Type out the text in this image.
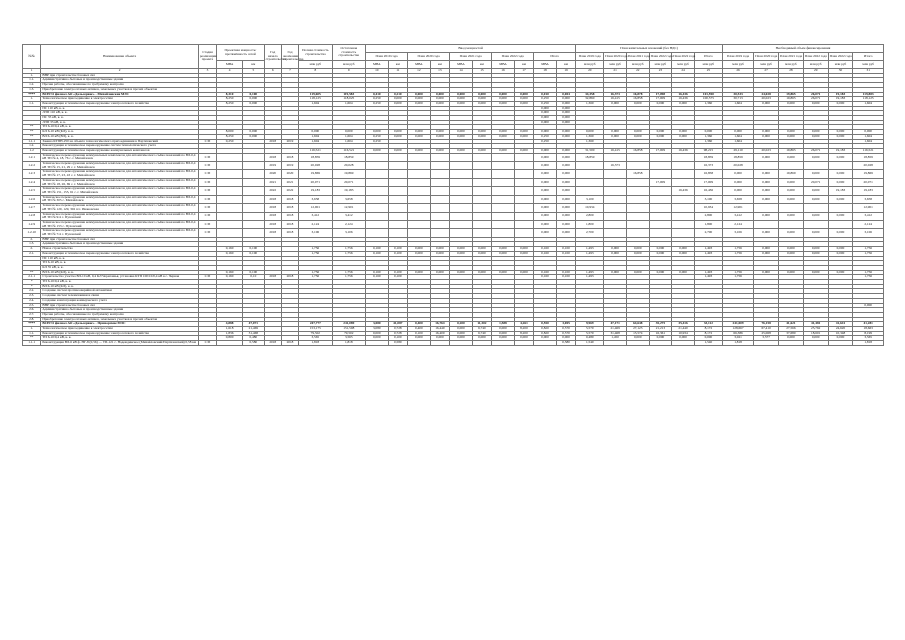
№№	Наименование объекта	Стадия реализации проекта	Проектная мощность/ протяжённость сетей		Год начала строительства	Год окончания строительства	Полная стоимость строительства	Остаточная стоимость строительства	Ввод мощностей										План капитальных вложений (без НДС)						Необходимый объем финансирования					
									План 2019 года		План 2020 года		План 2021 года		План 2022 года		Итого		План 2019 года	План 2020 года	План 2021 года	План 2022 года	План 2022 года	Итого	План 2019 года	План 2020 года	План 2021 года	План 2022 года	План 2022 года	Итого
			МВА	км			млн руб	млн руб	МВА	км	МВА	км	МВА	км	МВА	км	МВА	км	млн руб	млн руб	млн руб	млн руб	млн руб	млн руб	млн руб	млн руб	млн руб	млн руб	млн руб	млн руб
1	2	3	4	5	6	7	8	9	10	11	12	13	14	15	16	17	18	19	20	21	22	23	24	25	26	27	28	29	30	31
1.	ВНР при строительстве базовых сил																													
1.1.	Административно-бытовые и производственные здания																													
1.2.	Прочие работы, обоснованные по требуемому контролю																													
1.3.	Приобретение электросетевых активов, земельных участков и прочих объектов																													
****	ВСЕГО филиал АО «Дальсервис» - Михайловские МЭС		8,310	0,100			119,605	119,583	0,410	0,210	0,000	0,000	0,000	0,000	0,000	0,000	0,010	0,004	34,358	16,373	16,878	17,098	16,436	101,590	30,533	24,028	19,865	26,071	19,183	119,883
1.	Технологическое присоединение к электросетям		8,250	0,000			118,125	118,025	0,250	0,000	0,000	0,000	0,000	0,000	0,000	0,000	0,250	0,000	32,860	16,415	16,858	17,009	16,436	100,575	30,713	20,023	19,865	26,071	19,183	118,125
1.1.	Реконструкция и техническое перевооружение электросетевого хозяйства		8,250	0,000			1,604	1,604	0,250	0,000	0,000	0,000	0,000	0,000	0,000	0,000	0,250	0,000	1,360	0,000	0,000	0,000	0,000	1,360	1,604	0,000	0,000	0,000	0,000	1,604
	ПС 110 кВ, к. к.																0,000	0,000												
	ЛЭП 110 кВ, к. к.																0,000	0,000												
	ПС 35 кВ, к. к.																0,000	0,000												
	ЛЭП 35 кВ, к. к.																0,000	0,000												
**	ТП 6-10/0,4 кВ, к. к.																													
**	КЛ 6-10 кВ (КЛ), к. к.		8,000	0,000			0,000	0,000	0,000	0,000	0,000	0,000	0,000	0,000	0,000	0,000	0,000	0,000	0,000	0,000	0,000	0,000	0,000	0,000	0,000	0,000	0,000	0,000	0,000	0,000
**	ВЛ 6-10 кВ (ВЛ), к. к.		8,250	0,000			1,604	1,604	0,250	0,000	0,000	0,000	0,000	0,000	0,000	0,000	0,250	0,000	1,360	0,000	0,000	0,000	0,000	1,360	1,604	0,000	0,000	0,000	0,000	1,604
1.1.1	Замена КТПН-250 на объекте технологического присоединения в Партизанский	С/П	0,250		2018	2019	1,604	1,604	0,250								0,250		1,360					1,360	1,604					1,604
1.2.	Реконструкция и техническое перевооружение систем технологического учета																													
1.2	Реконструкция и техническое перевооружение коммунальных комплексов						116,521	116,521	0,000	0,000	0,000	0,000	0,000	0,000	0,000	0,000	0,000	0,000	31,500	16,415	16,858	17,009	16,436	98,215	29,110	20,023	19,865	26,071	19,183	116,521
1.2.1	Техническое перевооружение коммунальных комплексов для автоматического съёма показаний по ВЛ-0,4 кВ ТП № 4, 18, 76 с. г. Михайловск	С/П			2018	2018	18,859	18,859									0,000	0,000	18,859					18,859	18,859	0,000	0,000	0,000	0,000	18,859
1.2.2	Техническое перевооружение коммунальных комплексов для автоматического съёма показаний по ВЛ-0,4 кВ ТП № 15, 21, 29 с. г. Михайловск	С/П			2019	2019	20,028	20,028									0,000	0,000		16,373				16,373	20,028					20,028
1.2.3	Техническое перевооружение коммунальных комплексов для автоматического съёма показаний по ВЛ-0,4 кВ ТП № 17, 23, 43 с. г. Михайловск	С/П			2020	2020	19,869	19,869									0,000	0,000			16,858			16,858	0,000	0,000	19,869	0,000	0,000	19,869
1.2.4	Техническое перевооружение коммунальных комплексов для автоматического съёма показаний по ВЛ-0,4 кВ ТП № 18, 26, 69 с. г. Михайловск	С/П			2021	2021	20,071	20,071									0,000	0,000				17,009		17,009	0,000	0,000	0,000	20,071	0,000	20,071
1.2.5	Техническое перевооружение коммунальных комплексов для автоматического съёма показаний по ВЛ-0,4 кВ ТП № 151, 155, 61 с. г. Михайловск	С/П			2022	2022	19,183	19,183									0,000	0,000					16,436	16,436	0,000	0,000	0,000	0,000	19,183	19,183
1.2.6	Техническое перевооружение коммунальных комплексов для автоматического съёма показаний по ВЛ-0,4 кВ ТП № 305 с. Михайловск	С/П			2018	2018	3,658	3,658									0,000	0,000	3,100					3,100	3,658	0,000	0,000	0,000	0,000	3,658
1.2.7	Техническое перевооружение коммунальных комплексов для автоматического съёма показаний по ВЛ-0,4 кВ ТП № 120, 129, 302 п/с. Ивановская	С/П			2018	2018	12,901	12,901									0,000	0,000	10,934					10,934	12,901					12,901
1.2.8	Техническое перевооружение коммунальных комплексов для автоматического съёма показаний по ВЛ-0,4 кВ ТП № 9/4 с. Пуховский	С/П			2018	2018	3,412	3,412									0,000	0,000	2,800					2,800	3,412	0,000	0,000	0,000	0,000	3,412
1.2.9	Техническое перевооружение коммунальных комплексов для автоматического съёма показаний по ВЛ-0,4 кВ ТП № 153 с. Пуховский	С/П			2018	2018	2,124	2,124									0,000	0,000	1,800					1,800	2,124					2,124
1.2.10	Техническое перевооружение коммунальных комплексов для автоматического съёма показаний по ВЛ-0,4 кВ ТП № 7/4 с. Пуховский	С/П			2018	2018	3,106	3,106									0,000	0,000	2,700					2,700	3,106	0,000	0,000	0,000	0,000	3,106
2.	ВНР при строительстве базовых сил																													
1.3.	Административно-бытовые и производственные здания																													
2.	Новое строительство		0,160	0,100			1,756	1,756	0,160	0,100	0,000	0,000	0,000	0,000	0,000	0,000	0,160	0,100	1,493	0,000	0,000	0,000	0,000	1,493	1,756	0,000	0,000	0,000	0,000	1,756
2.1.	Реконструкция и техническое перевооружение электросетевого хозяйства		0,160	0,100			1,756	1,756	0,160	0,100	0,000	0,000	0,000	0,000	0,000	0,000	0,160	0,100	1,493	0,000	0,000	0,000	0,000	1,493	1,756	0,000	0,000	0,000	0,000	1,756
	ПС 110 кВ, к. к.																													
	ТП 6-10 кВ, к. к.																													
	КЛ 35 кВ, к. к.																													
**	ВЛ 6-10 кВ (КЛ), к. к.		0,160	0,100			1,756	1,756	0,160	0,100	0,000	0,000	0,000	0,000	0,000	0,000	0,160	0,100	1,493	0,000	0,000	0,000	0,000	1,493	1,756	0,000	0,000	0,000	0,000	1,756
2.1.1	Строительство участка ВЛ-10 кВ, 0,4 КЛ Черепашья, установка КТП 100/10/0,4 кВ в с. Черная	С/П	0,160	0,10	2018	2018	1,756	1,756	0,160	0,100							0,160	0,100	1,493					1,493	1,756					1,756
*	ТП 6-10/0,4 кВ, к. к.																													
*	ВЛ 6-10 кВ (КЛ), к. к.																													
2.2.	Создание систем противоаварийной автоматики																													
2.3.	Создание систем телемеханики и связи																													
2.4.	Создание и интеграция коммерческого учета																													
2.5.	ВНР при строительстве базовых сил																													0,000
2.6.	Административно-бытовые и производственные здания																													
2.7.	Прочие работы, обоснованные по требуемому контролю																													
2.8.	Приобретение электросетевых активов, земельных участков и прочих объектов																													
****	ВСЕГО филиал АО «Дальсервис» - Приморские МЭС		4,888	47,071			247,777	241,089	3,080	41,087	0,400	16,764	0,200	11,302	1,588	4,261	0,550	3,695	9,969	47,171	64,648	35,275	35,416	33,112	241,009	76,158	41,621	41,481	41,641	41,281
1.	Технологическое присоединение к электросетям		1,618	21,469			153,175	151,598	3,080	0,728	0,400	16,440	0,000	6,740	0,000	8,200	0,820	0,570	5,570	21,469	27,123	21,213	21,440	8,172	128,667	67,410	27,566	25,762	24,620	18,663
1.1.	Реконструкция и техническое перевооружение электросетевого хозяйства		1,836	31,468			79,502	79,502	0,000	0,728	0,100	16,400	0,000	6,740	0,000	8,200	0,820	0,570	5,570	31,468	13,574	16,361	10,934	8,172	66,386	25,068	37,680	18,601	10,348	8,199
**	ТП 6-10/0,4 кВ, к. к.		0,800	0,480			3,565	3,565	0,000	0,100	0,000	0,000	0,000	0,000	0,000	0,000	0,000	0,000	0,480	1,450	0,000	0,000	0,000	0,000	3,021	3,577	0,000	0,000	0,000	3,565
1.1.1	Реконструкция ВЛ-6 кВ ф. НГ-8 (0,56) — ТП-121 с. Надеждинское (Михайловский/Партизанский) 0,58 км	С/П		0,580	2018	2018	1,818	1,818		0,580								0,580	1,540					1,540	1,818					1,818
